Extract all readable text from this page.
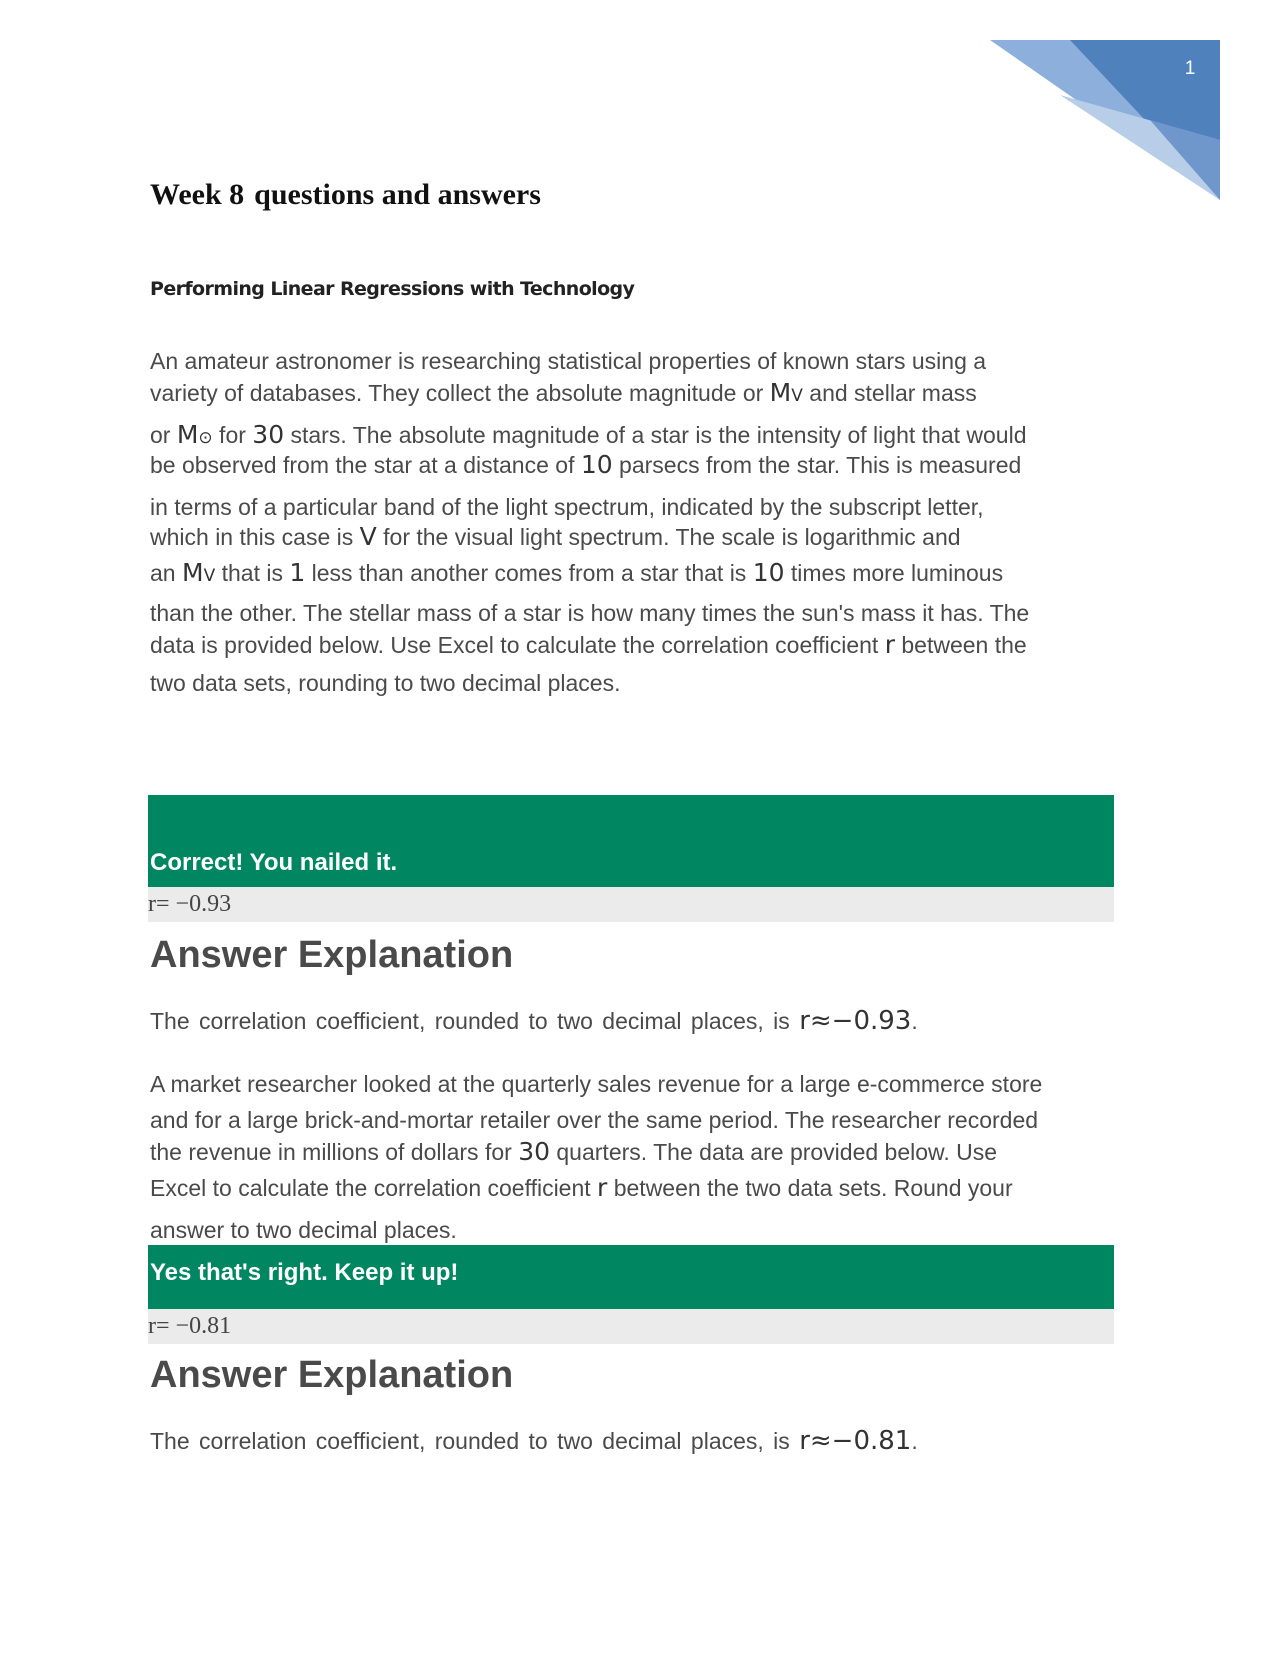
1
Week 8 questions and answers
Performing Linear Regressions with Technology
An amateur astronomer is researching statistical properties of known stars using a
variety of databases. They collect the absolute magnitude or MV and stellar mass
or M⊙ for 30 stars. The absolute magnitude of a star is the intensity of light that would
be observed from the star at a distance of 10 parsecs from the star. This is measured
in terms of a particular band of the light spectrum, indicated by the subscript letter,
which in this case is V for the visual light spectrum. The scale is logarithmic and
an MV that is 1 less than another comes from a star that is 10 times more luminous
than the other. The stellar mass of a star is how many times the sun's mass it has. The
data is provided below. Use Excel to calculate the correlation coefficient r between the
two data sets, rounding to two decimal places.
Correct! You nailed it.
r= −0.93
Answer Explanation

The correlation coefficient, rounded to two decimal places, is r≈−0.93.

A market researcher looked at the quarterly sales revenue for a large e-commerce store
and for a large brick-and-mortar retailer over the same period. The researcher recorded
the revenue in millions of dollars for 30 quarters. The data are provided below. Use
Excel to calculate the correlation coefficient r between the two data sets. Round your
answer to two decimal places.
Yes that's right. Keep it up!
r= −0.81
Answer Explanation

The correlation coefficient, rounded to two decimal places, is r≈−0.81.
